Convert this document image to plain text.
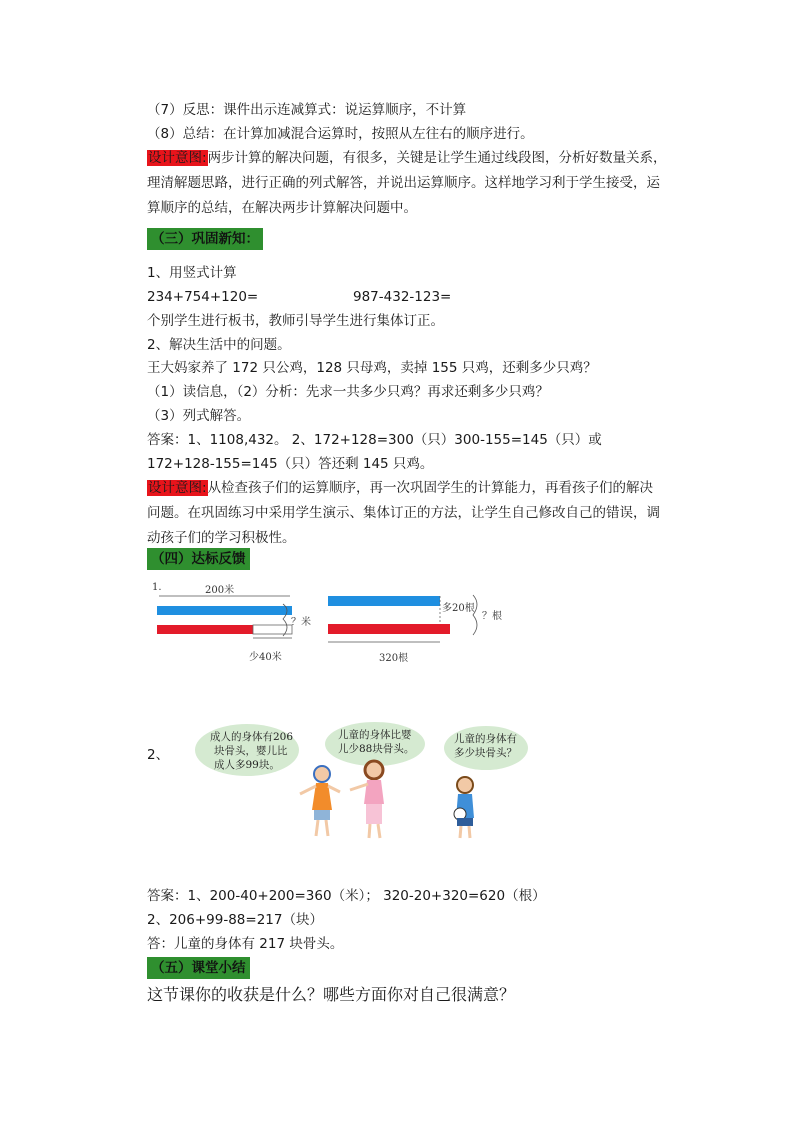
（7）反思：课件出示连减算式：说运算顺序，不计算
（8）总结：在计算加减混合运算时，按照从左往右的顺序进行。
设计意图:两步计算的解决问题，有很多，关键是让学生通过线段图，分析好数量关系，
理清解题思路，进行正确的列式解答，并说出运算顺序。这样地学习利于学生接受，运
算顺序的总结，在解决两步计算解决问题中。
（三）巩固新知：
1、用竖式计算
234+754+120=	987-432-123=
个别学生进行板书，教师引导学生进行集体订正。
2、解决生活中的问题。
王大妈家养了 172 只公鸡，128 只母鸡，卖掉 155 只鸡，还剩多少只鸡？
（1）读信息，（2）分析：先求一共多少只鸡？再求还剩多少只鸡？
（3）列式解答。
答案：1、1108,432。 2、172+128=300（只）300-155=145（只）或
172+128-155=145（只）答还剩 145 只鸡。
设计意图:从检查孩子们的运算顺序，再一次巩固学生的计算能力，再看孩子们的解决
问题。在巩固练习中采用学生演示、集体订正的方法，让学生自己修改自己的错误，调
动孩子们的学习积极性。
（四）达标反馈
1.	200米
？米
少40米
多20根
？根
320根
2、
成人的身体有206
块骨头，婴儿比
成人多99块。
儿童的身体比婴
儿少88块骨头。
儿童的身体有
多少块骨头？
答案：1、200-40+200=360（米）； 320-20+320=620（根）
2、206+99-88=217（块）
答：儿童的身体有 217 块骨头。
（五）课堂小结
这节课你的收获是什么？哪些方面你对自己很满意？
